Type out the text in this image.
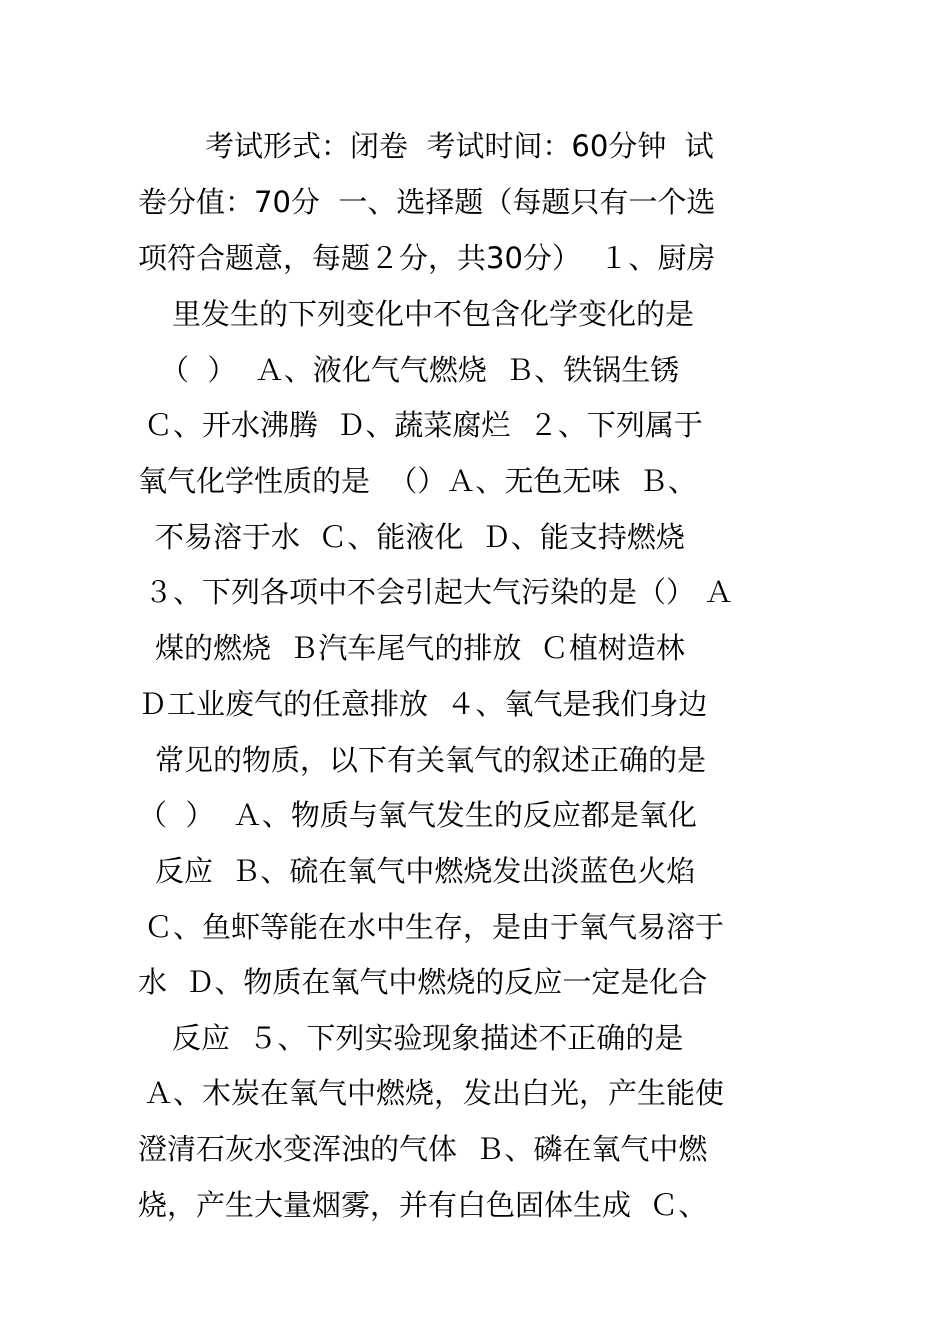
考试形式：闭卷  考试时间：60分钟  试
卷分值：70分  一、选择题（每题只有一个选
项符合题意，每题２分，共30分）  １、厨房
里发生的下列变化中不包含化学变化的是
（  ）  Ａ、液化气气燃烧  Ｂ、铁锅生锈
Ｃ、开水沸腾  Ｄ、蔬菜腐烂  ２、下列属于
氧气化学性质的是  （）Ａ、无色无味  Ｂ、
不易溶于水  Ｃ、能液化  Ｄ、能支持燃烧
３、下列各项中不会引起大气污染的是（） Ａ
煤的燃烧  Ｂ汽车尾气的排放  Ｃ植树造林
Ｄ工业废气的任意排放  ４、氧气是我们身边
常见的物质，以下有关氧气的叙述正确的是
（  ）  Ａ、物质与氧气发生的反应都是氧化
反应  Ｂ、硫在氧气中燃烧发出淡蓝色火焰
Ｃ、鱼虾等能在水中生存，是由于氧气易溶于
水  Ｄ、物质在氧气中燃烧的反应一定是化合
反应  ５、下列实验现象描述不正确的是
Ａ、木炭在氧气中燃烧，发出白光，产生能使
澄清石灰水变浑浊的气体  Ｂ、磷在氧气中燃
烧，产生大量烟雾，并有白色固体生成  Ｃ、
